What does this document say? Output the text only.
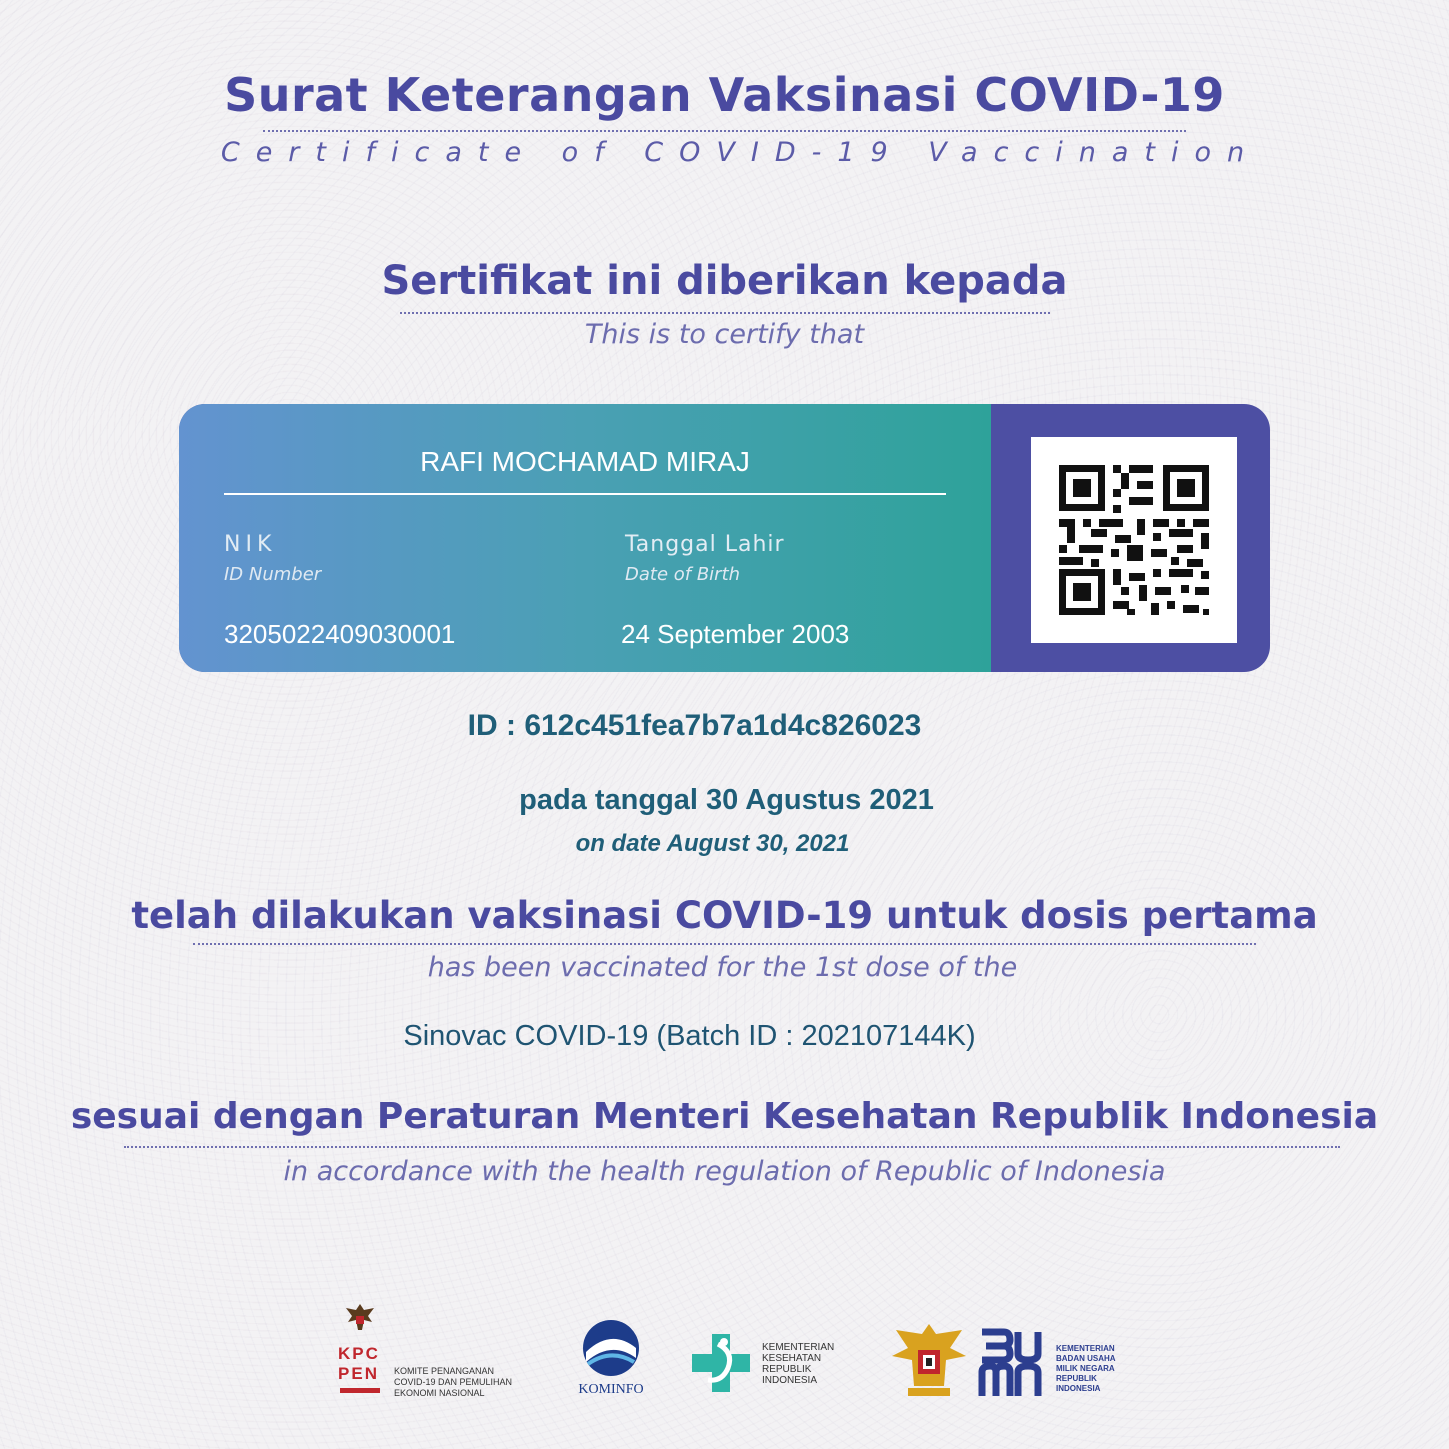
Surat Keterangan Vaksinasi COVID-19
Certificate of COVID-19 Vaccination
Sertifikat ini diberikan kepada
This is to certify that
RAFI MOCHAMAD MIRAJ
NIK
ID Number
3205022409030001
Tanggal Lahir
Date of Birth
24 September 2003
ID : 612c451fea7b7a1d4c826023
pada tanggal 30 Agustus 2021
on date August 30, 2021
telah dilakukan vaksinasi COVID-19 untuk dosis pertama
has been vaccinated for the 1st dose of the
Sinovac COVID-19 (Batch ID : 202107144K)
sesuai dengan Peraturan Menteri Kesehatan Republik Indonesia
in accordance with the health regulation of Republic of Indonesia
KPC
PEN	KOMITE PENANGANAN
COVID-19 DAN PEMULIHAN
EKONOMI NASIONAL	KOMINFO
KEMENTERIAN
KESEHATAN
REPUBLIK
INDONESIA
KEMENTERIAN
BADAN USAHA
MILIK NEGARA
REPUBLIK
INDONESIA
